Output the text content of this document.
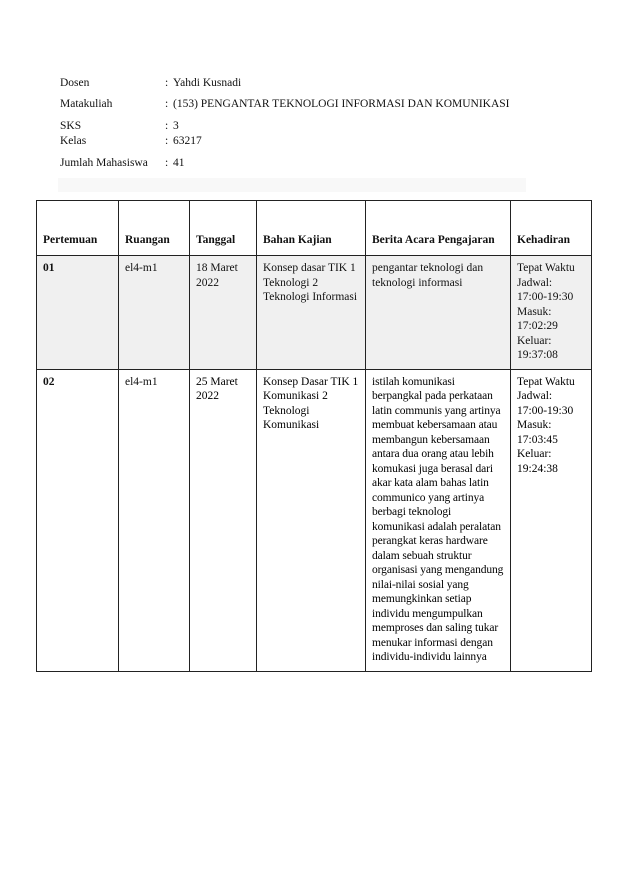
Dosen	: Yahdi Kusnadi
Matakuliah	: (153) PENGANTAR TEKNOLOGI INFORMASI DAN KOMUNIKASI
SKS	: 3
Kelas	: 63217
Jumlah Mahasiswa : 41
Pertemuan	Ruangan	Tanggal	Bahan Kajian	Berita Acara Pengajaran	Kehadiran
01	el4-m1	18 Maret 2022	Konsep dasar TIK 1 Teknologi 2 Teknologi Informasi	pengantar teknologi dan teknologi informasi	Tepat Waktu Jadwal: 17:00-19:30 Masuk: 17:02:29 Keluar: 19:37:08
02	el4-m1	25 Maret 2022	Konsep Dasar TIK 1 Komunikasi 2 Teknologi Komunikasi	istilah komunikasi berpangkal pada perkataan latin communis yang artinya membuat kebersamaan atau membangun kebersamaan antara dua orang atau lebih komukasi juga berasal dari akar kata alam bahas latin communico yang artinya berbagi teknologi komunikasi adalah peralatan perangkat keras hardware dalam sebuah struktur organisasi yang mengandung nilai-nilai sosial yang memungkinkan setiap individu mengumpulkan memproses dan saling tukar menukar informasi dengan individu-individu lainnya	Tepat Waktu Jadwal: 17:00-19:30 Masuk: 17:03:45 Keluar: 19:24:38
